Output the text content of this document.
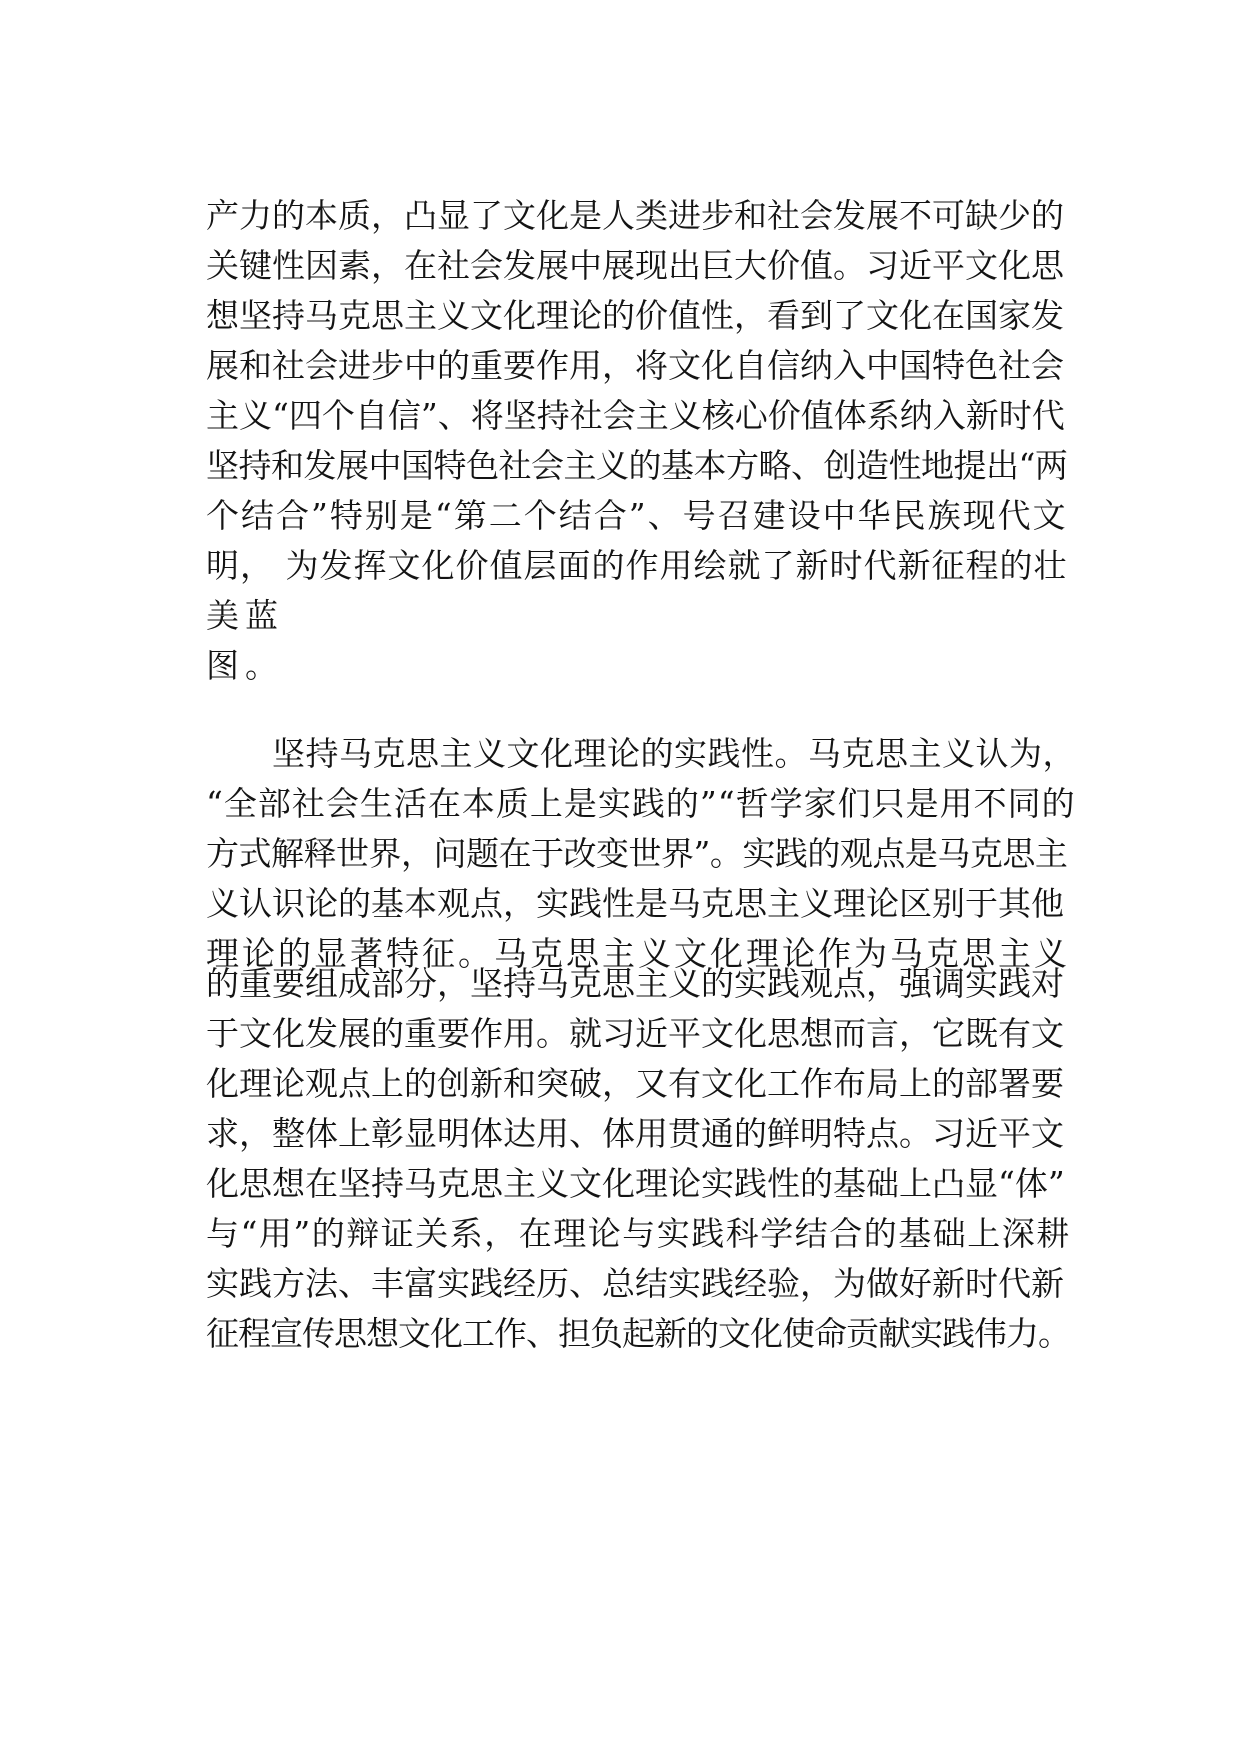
产力的本质，凸显了文化是人类进步和社会发展不可缺少的
关键性因素，在社会发展中展现出巨大价值。习近平文化思
想坚持马克思主义文化理论的价值性，看到了文化在国家发
展和社会进步中的重要作用，将文化自信纳入中国特色社会
主义“四个自信”、将坚持社会主义核心价值体系纳入新时代
坚持和发展中国特色社会主义的基本方略、创造性地提出“两
个结合”特别是“第二个结合”、号召建设中华民族现代文
明， 为发挥文化价值层面的作用绘就了新时代新征程的壮
美蓝
图。
坚持马克思主义文化理论的实践性。马克思主义认为，
“全部社会生活在本质上是实践的”“哲学家们只是用不同的
方式解释世界，问题在于改变世界”。实践的观点是马克思主
义认识论的基本观点，实践性是马克思主义理论区别于其他
理论的显著特征。马克思主义文化理论作为马克思主义
的重要组成部分，坚持马克思主义的实践观点，强调实践对
于文化发展的重要作用。就习近平文化思想而言，它既有文
化理论观点上的创新和突破，又有文化工作布局上的部署要
求，整体上彰显明体达用、体用贯通的鲜明特点。习近平文
化思想在坚持马克思主义文化理论实践性的基础上凸显“体”
与“用”的辩证关系，在理论与实践科学结合的基础上深耕
实践方法、丰富实践经历、总结实践经验，为做好新时代新
征程宣传思想文化工作、担负起新的文化使命贡献实践伟力。
